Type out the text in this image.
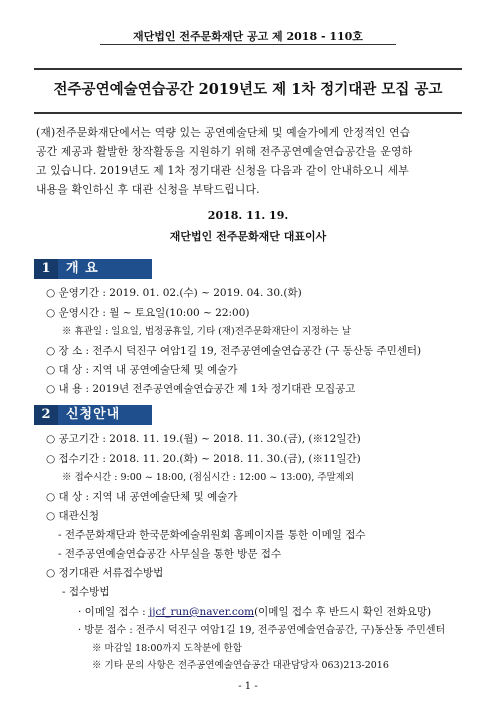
재단법인 전주문화재단 공고 제 2018 - 110호
전주공연예술연습공간 2019년도 제 1차 정기대관 모집 공고
(재)전주문화재단에서는 역량 있는 공연예술단체 및 예술가에게 안정적인 연습
공간 제공과 활발한 창작활동을 지원하기 위해 전주공연예술연습공간을 운영하
고 있습니다. 2019년도 제 1차 정기대관 신청을 다음과 같이 안내하오니 세부
내용을 확인하신 후 대관 신청을 부탁드립니다.
2018. 11. 19.
재단법인 전주문화재단 대표이사
1	개 요
○ 운영기간 : 2019. 01. 02.(수) ~ 2019. 04. 30.(화)
○ 운영시간 : 월 ~ 토요일(10:00 ~ 22:00)
※ 휴관일 : 일요일, 법정공휴일, 기타 (재)전주문화재단이 지정하는 날
○ 장 소 : 전주시 덕진구 여암1길 19, 전주공연예술연습공간 (구 동산동 주민센터)
○ 대 상 : 지역 내 공연예술단체 및 예술가
○ 내 용 : 2019년 전주공연예술연습공간 제 1차 정기대관 모집공고
2	신청안내
○ 공고기간 : 2018. 11. 19.(월) ~ 2018. 11. 30.(금), (※12일간)
○ 접수기간 : 2018. 11. 20.(화) ~ 2018. 11. 30.(금), (※11일간)
※ 접수시간 : 9:00 ~ 18:00, (점심시간 : 12:00 ~ 13:00), 주말제외
○ 대 상 : 지역 내 공연예술단체 및 예술가
○ 대관신청
- 전주문화재단과 한국문화예술위원회 홈페이지를 통한 이메일 접수
- 전주공연예술연습공간 사무실을 통한 방문 접수
○ 정기대관 서류접수방법
- 접수방법
· 이메일 접수 : jjcf_run@naver.com(이메일 접수 후 반드시 확인 전화요망)
· 방문 접수 : 전주시 덕진구 여암1길 19, 전주공연예술연습공간, 구)동산동 주민센터
※ 마감일 18:00까지 도착분에 한함
※ 기타 문의 사항은 전주공연예술연습공간 대관담당자 063)213-2016
- 1 -
